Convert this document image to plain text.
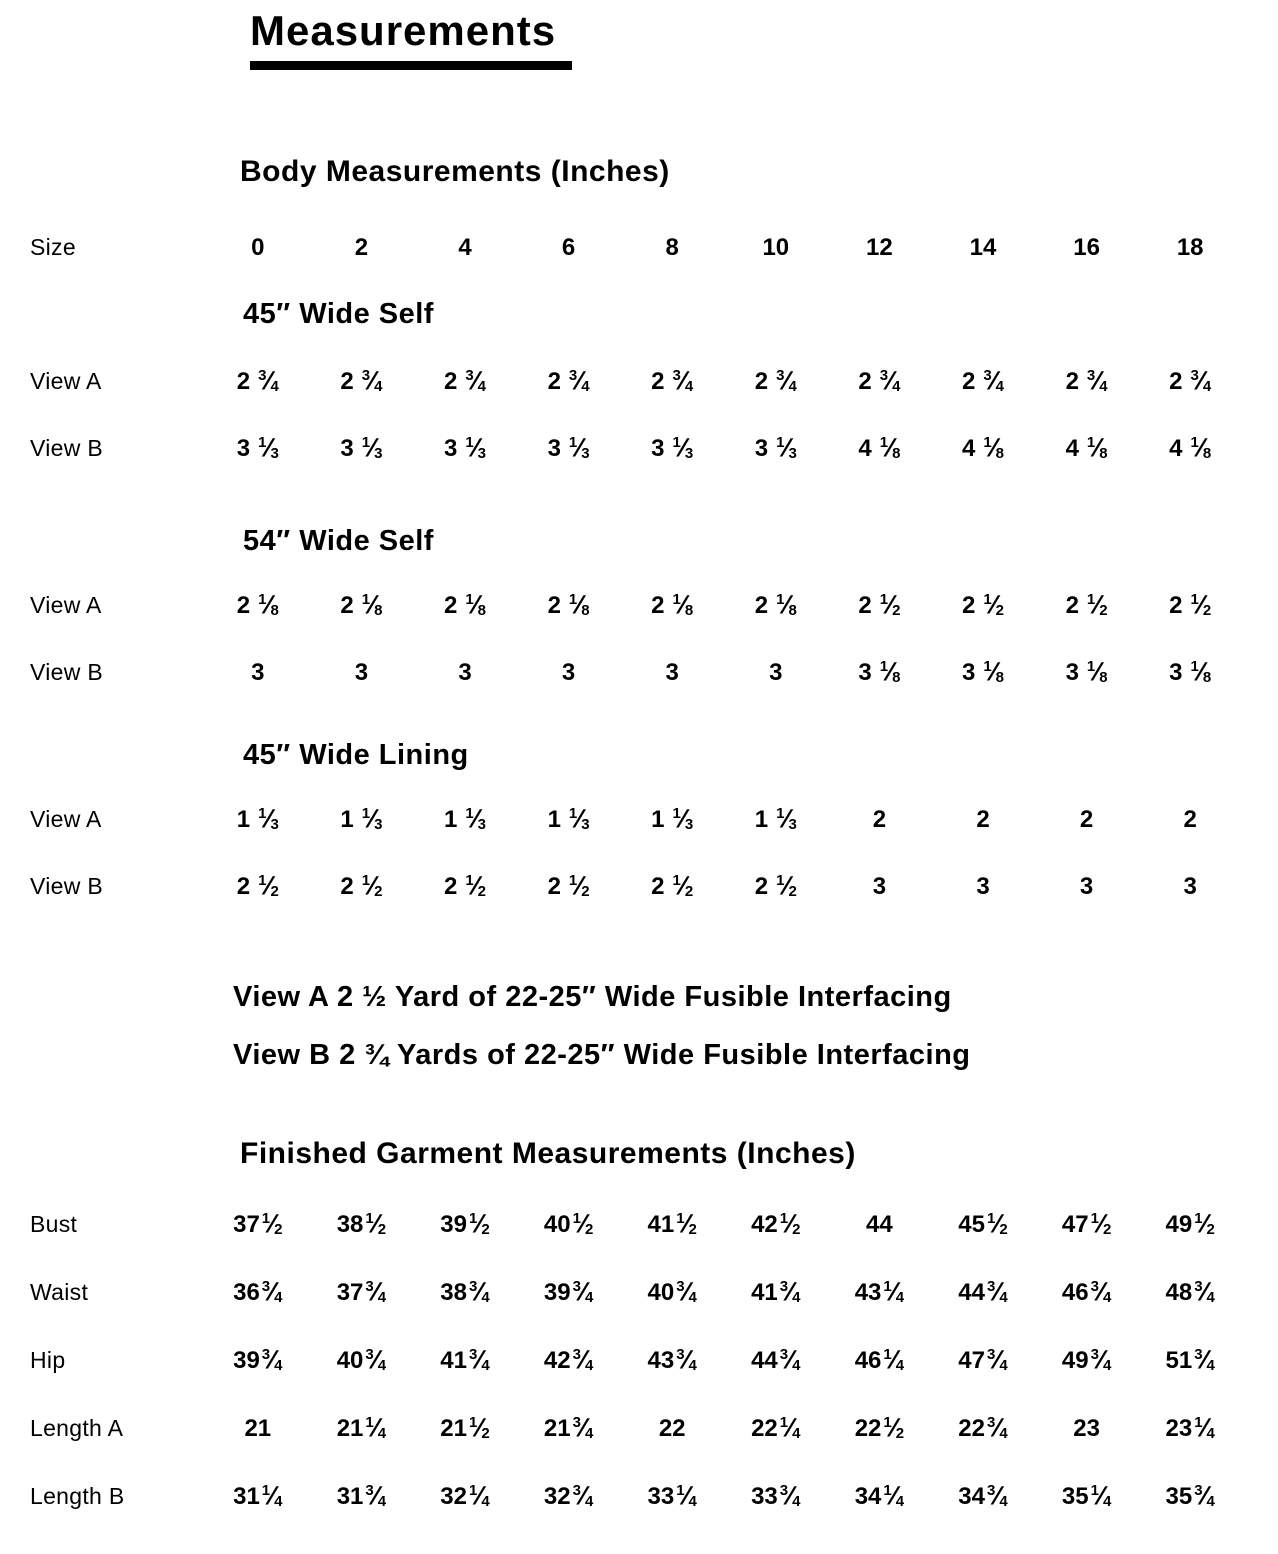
Measurements
Body Measurements (Inches)
Size	0	2	4	6	8	10	12	14	16	18
45″ Wide Self
View A	2 $^3⁄_4$	2 $^3⁄_4$	2 $^3⁄_4$	2 $^3⁄_4$	2 $^3⁄_4$	2 $^3⁄_4$	2 $^3⁄_4$	2 $^3⁄_4$	2 $^3⁄_4$	2 $^3⁄_4$
View B	3 $^1⁄_3$	3 $^1⁄_3$	3 $^1⁄_3$	3 $^1⁄_3$	3 $^1⁄_3$	3 $^1⁄_3$	4 $^1⁄_8$	4 $^1⁄_8$	4 $^1⁄_8$	4 $^1⁄_8$
54″ Wide Self
View A	2 $^1⁄_8$	2 $^1⁄_8$	2 $^1⁄_8$	2 $^1⁄_8$	2 $^1⁄_8$	2 $^1⁄_8$	2 $^1⁄_2$	2 $^1⁄_2$	2 $^1⁄_2$	2 $^1⁄_2$
View B	3	3	3	3	3	3	3 $^1⁄_8$	3 $^1⁄_8$	3 $^1⁄_8$	3 $^1⁄_8$
45″ Wide Lining
View A	1 $^1⁄_3$	1 $^1⁄_3$	1 $^1⁄_3$	1 $^1⁄_3$	1 $^1⁄_3$	1 $^1⁄_3$	2	2	2	2
View B	2 $^1⁄_2$	2 $^1⁄_2$	2 $^1⁄_2$	2 $^1⁄_2$	2 $^1⁄_2$	2 $^1⁄_2$	3	3	3	3

View A 2 ½ Yard of 22-25″ Wide Fusible Interfacing

View B 2 ¾ Yards of 22-25″ Wide Fusible Interfacing

Finished Garment Measurements (Inches)
Bust	37 $^1⁄_2$	38 $^1⁄_2$	39 $^1⁄_2$	40 $^1⁄_2$	41 $^1⁄_2$	42 $^1⁄_2$	44	45 $^1⁄_2$	47 $^1⁄_2$	49 $^1⁄_2$
Waist	36 $^3⁄_4$	37 $^3⁄_4$	38 $^3⁄_4$	39 $^3⁄_4$	40 $^3⁄_4$	41 $^3⁄_4$	43 $^1⁄_4$	44 $^3⁄_4$	46 $^3⁄_4$	48 $^3⁄_4$
Hip	39 $^3⁄_4$	40 $^3⁄_4$	41 $^3⁄_4$	42 $^3⁄_4$	43 $^3⁄_4$	44 $^3⁄_4$	46 $^1⁄_4$	47 $^3⁄_4$	49 $^3⁄_4$	51 $^3⁄_4$
Length A	21	21 $^1⁄_4$	21 $^1⁄_2$	21 $^3⁄_4$	22	22 $^1⁄_4$	22 $^1⁄_2$	22 $^3⁄_4$	23	23 $^1⁄_4$
Length B	31 $^1⁄_4$	31 $^3⁄_4$	32 $^1⁄_4$	32 $^3⁄_4$	33 $^1⁄_4$	33 $^3⁄_4$	34 $^1⁄_4$	34 $^3⁄_4$	35 $^1⁄_4$	35 $^3⁄_4$
